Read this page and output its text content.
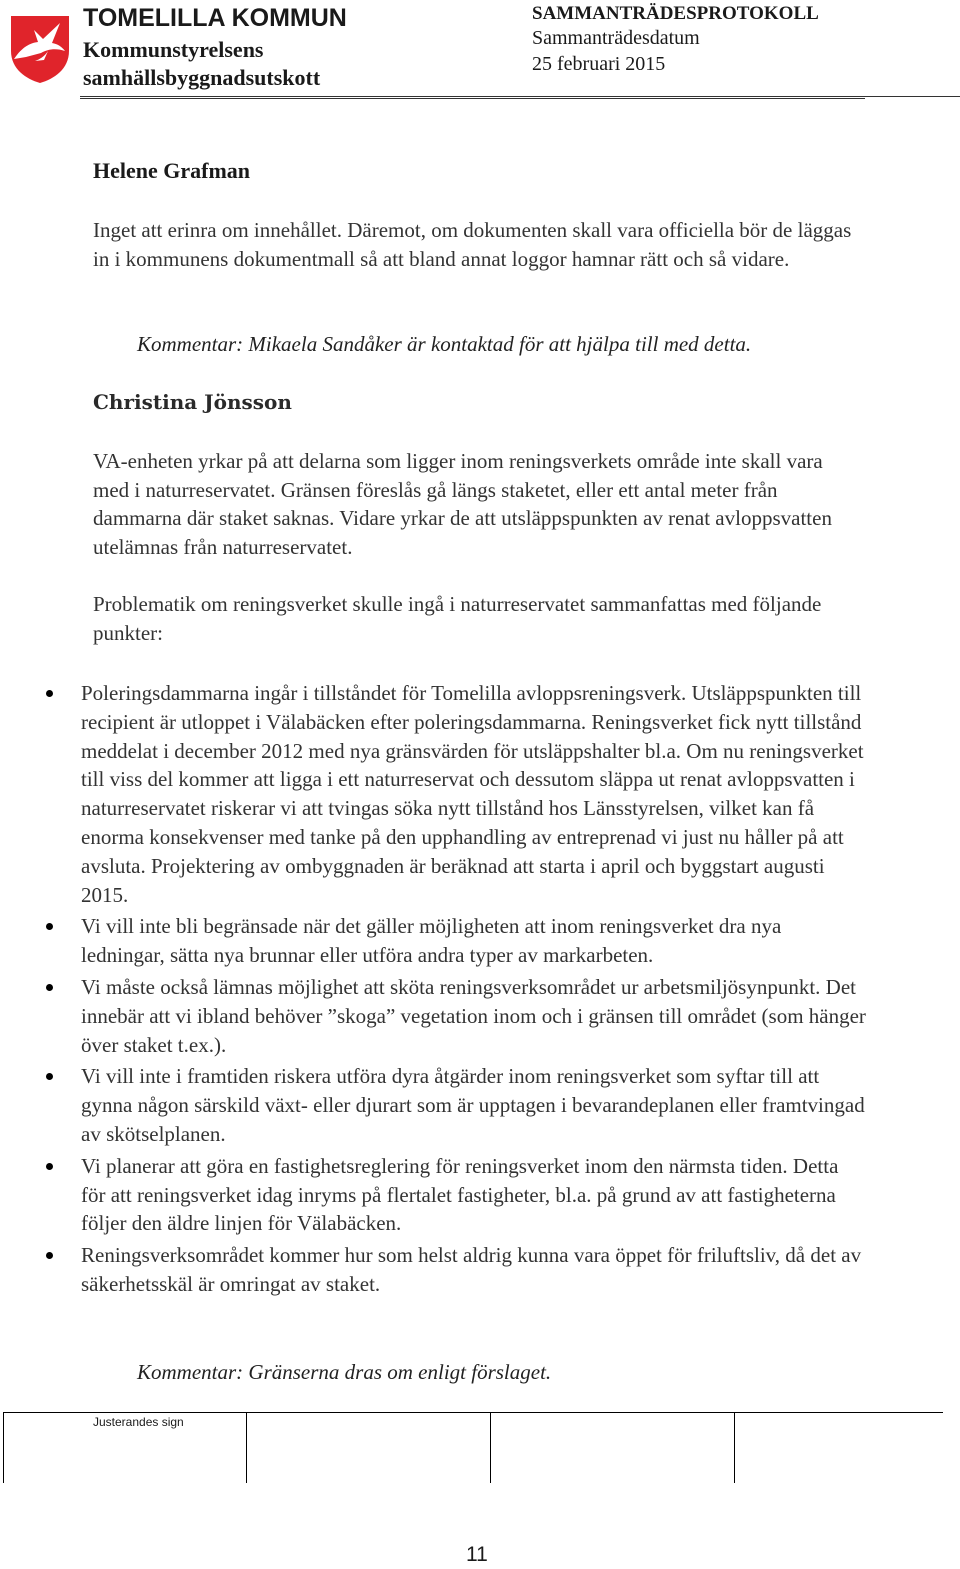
TOMELILLA KOMMUN
Kommunstyrelsens
samhällsbyggnadsutskott
SAMMANTRÄDESPROTOKOLL
Sammanträdesdatum
25 februari 2015
Helene Grafman
Inget att erinra om innehållet. Däremot, om dokumenten skall vara officiella bör de läggas in i kommunens dokumentmall så att bland annat loggor hamnar rätt och så vidare.
Kommentar: Mikaela Sandåker är kontaktad för att hjälpa till med detta.
Christina Jönsson
VA-enheten yrkar på att delarna som ligger inom reningsverkets område inte skall vara med i naturreservatet. Gränsen föreslås gå längs staketet, eller ett antal meter från dammarna där staket saknas. Vidare yrkar de att utsläppspunkten av renat avloppsvatten utelämnas från naturreservatet.
Problematik om reningsverket skulle ingå i naturreservatet sammanfattas med följande punkter:
Poleringsdammarna ingår i tillståndet för Tomelilla avloppsreningsverk. Utsläppspunkten till recipient är utloppet i Välabäcken efter poleringsdammarna. Reningsverket fick nytt tillstånd meddelat i december 2012 med nya gränsvärden för utsläppshalter bl.a. Om nu reningsverket till viss del kommer att ligga i ett naturreservat och dessutom släppa ut renat avloppsvatten i naturreservatet riskerar vi att tvingas söka nytt tillstånd hos Länsstyrelsen, vilket kan få enorma konsekvenser med tanke på den upphandling av entreprenad vi just nu håller på att avsluta. Projektering av ombyggnaden är beräknad att starta i april och byggstart augusti 2015.
Vi vill inte bli begränsade när det gäller möjligheten att inom reningsverket dra nya ledningar, sätta nya brunnar eller utföra andra typer av markarbeten.
Vi måste också lämnas möjlighet att sköta reningsverksområdet ur arbetsmiljösynpunkt. Det innebär att vi ibland behöver ”skoga” vegetation inom och i gränsen till området (som hänger över staket t.ex.).
Vi vill inte i framtiden riskera utföra dyra åtgärder inom reningsverket som syftar till att gynna någon särskild växt- eller djurart som är upptagen i bevarandeplanen eller framtvingad av skötselplanen.
Vi planerar att göra en fastighetsreglering för reningsverket inom den närmsta tiden. Detta för att reningsverket idag inryms på flertalet fastigheter, bl.a. på grund av att fastigheterna följer den äldre linjen för Välabäcken.
Reningsverksområdet kommer hur som helst aldrig kunna vara öppet för friluftsliv, då det av säkerhetsskäl är omringat av staket.
Kommentar: Gränserna dras om enligt förslaget.
Justerandes sign
11
